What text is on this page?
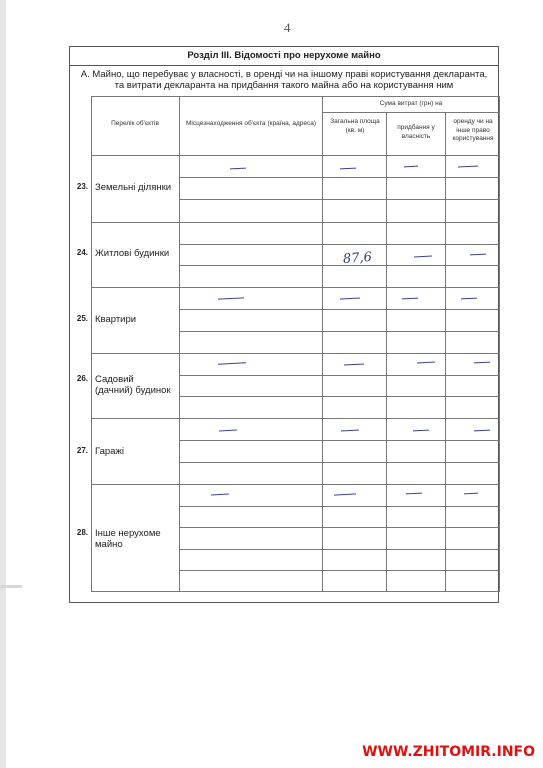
4
Розділ ІІІ. Відомості про нерухоме майно
А. Майно, що перебуває у власності, в оренді чи на іншому праві користування декларанта,
та витрати декларанта на придбання такого майна або на користування ним
Перелік об'єктів	Місцезнаходження об'єкта (країна, адреса)	Загальна площа (кв. м)
Сума витрат (грн) на
придбання у власність
оренду чи на інше право користування
23. Земельні ділянки
24. Житлові будинки
25. Квартири
26. Садовий (дачний) будинок
27. Гаражі
28. Інше нерухоме майно
87,6
WWW.ZHITOMIR.INFO
